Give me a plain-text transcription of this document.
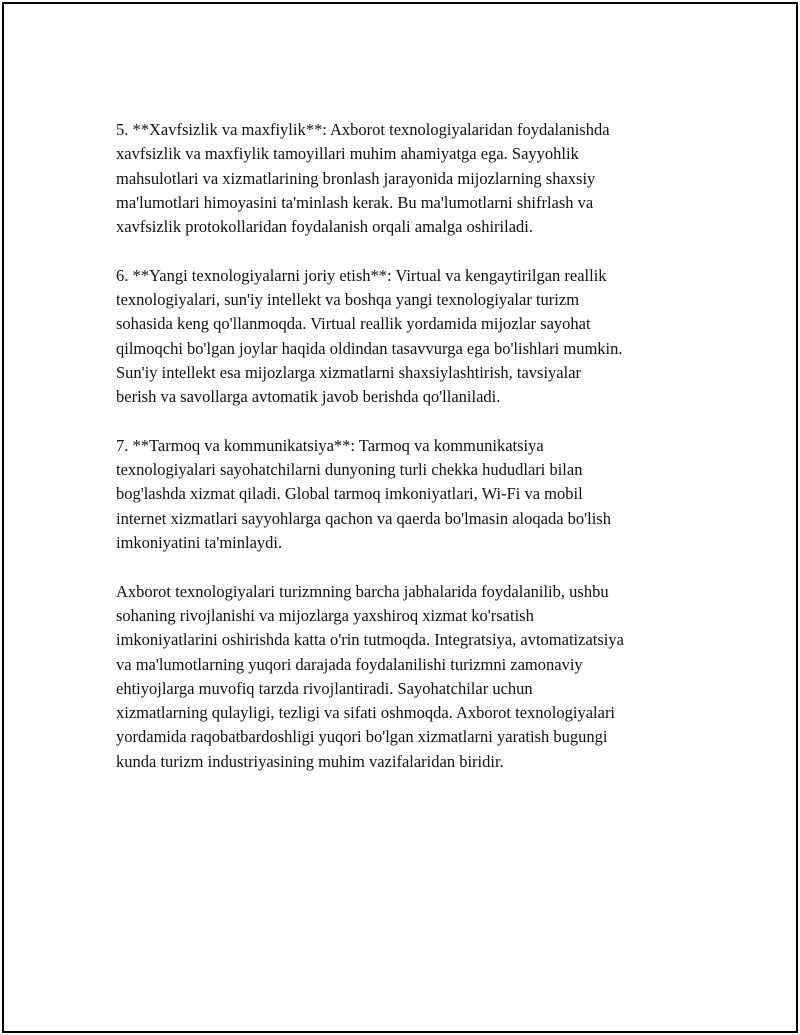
5. **Xavfsizlik va maxfiylik**: Axborot texnologiyalaridan foydalanishda
xavfsizlik va maxfiylik tamoyillari muhim ahamiyatga ega. Sayyohlik
mahsulotlari va xizmatlarining bronlash jarayonida mijozlarning shaxsiy
ma'lumotlari himoyasini ta'minlash kerak. Bu ma'lumotlarni shifrlash va
xavfsizlik protokollaridan foydalanish orqali amalga oshiriladi.

6. **Yangi texnologiyalarni joriy etish**: Virtual va kengaytirilgan reallik
texnologiyalari, sun'iy intellekt va boshqa yangi texnologiyalar turizm
sohasida keng qo'llanmoqda. Virtual reallik yordamida mijozlar sayohat
qilmoqchi bo'lgan joylar haqida oldindan tasavvurga ega bo'lishlari mumkin.
Sun'iy intellekt esa mijozlarga xizmatlarni shaxsiylashtirish, tavsiyalar
berish va savollarga avtomatik javob berishda qo'llaniladi.

7. **Tarmoq va kommunikatsiya**: Tarmoq va kommunikatsiya
texnologiyalari sayohatchilarni dunyoning turli chekka hududlari bilan
bog'lashda xizmat qiladi. Global tarmoq imkoniyatlari, Wi-Fi va mobil
internet xizmatlari sayyohlarga qachon va qaerda bo'lmasin aloqada bo'lish
imkoniyatini ta'minlaydi.

Axborot texnologiyalari turizmning barcha jabhalarida foydalanilib, ushbu
sohaning rivojlanishi va mijozlarga yaxshiroq xizmat ko'rsatish
imkoniyatlarini oshirishda katta o'rin tutmoqda. Integratsiya, avtomatizatsiya
va ma'lumotlarning yuqori darajada foydalanilishi turizmni zamonaviy
ehtiyojlarga muvofiq tarzda rivojlantiradi. Sayohatchilar uchun
xizmatlarning qulayligi, tezligi va sifati oshmoqda. Axborot texnologiyalari
yordamida raqobatbardoshligi yuqori bo'lgan xizmatlarni yaratish bugungi
kunda turizm industriyasining muhim vazifalaridan biridir.
